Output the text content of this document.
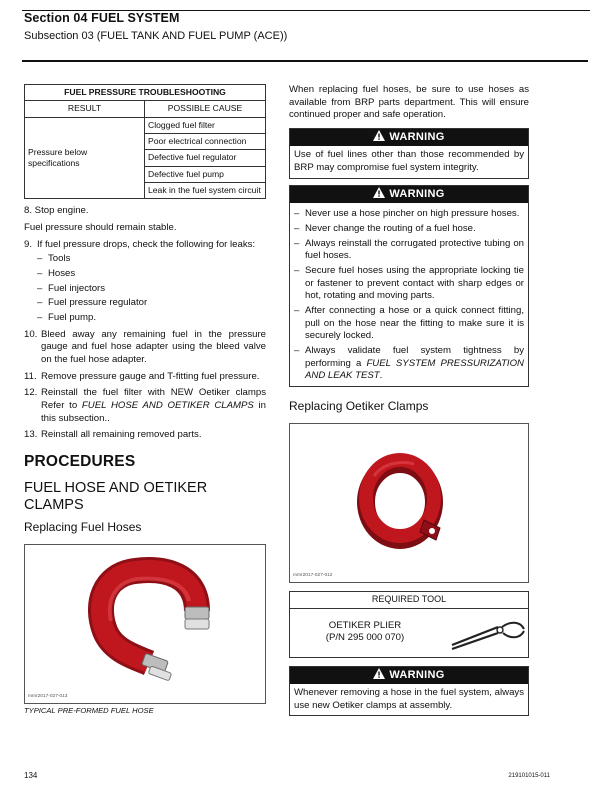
Section 04 FUEL SYSTEM
Subsection 03 (FUEL TANK AND FUEL PUMP (ACE))
FUEL PRESSURE TROUBLESHOOTING	
RESULT	POSSIBLE CAUSE
Pressure below specifications	Clogged fuel filter
	Poor electrical connection
	Defective fuel regulator
	Defective fuel pump
	Leak in the fuel system circuit
8. Stop engine.
Fuel pressure should remain stable.
9. If fuel pressure drops, check the following for leaks:
– Tools
– Hoses
– Fuel injectors
– Fuel pressure regulator
– Fuel pump.
10. Bleed away any remaining fuel in the pressure gauge and fuel hose adapter using the bleed valve on the fuel hose adapter.
11. Remove pressure gauge and T-fitting fuel pressure.
12. Reinstall the fuel filter with NEW Oetiker clamps Refer to FUEL HOSE AND OETIKER CLAMPS in this subsection..
13. Reinstall all remaining removed parts.
PROCEDURES
FUEL HOSE AND OETIKER CLAMPS
Replacing Fuel Hoses
mmr2017-027-013
TYPICAL PRE-FORMED FUEL HOSE
When replacing fuel hoses, be sure to use hoses as available from BRP parts department. This will ensure continued proper and safe operation.
WARNING
Use of fuel lines other than those recommended by BRP may compromise fuel system integrity.
WARNING
– Never use a hose pincher on high pressure hoses.
– Never change the routing of a fuel hose.
– Always reinstall the corrugated protective tubing on fuel hoses.
– Secure fuel hoses using the appropriate locking tie or fastener to prevent contact with sharp edges or hot, rotating and moving parts.
– After connecting a hose or a quick connect fitting, pull on the hose near the fitting to make sure it is securely locked.
– Always validate fuel system tightness by performing a FUEL SYSTEM PRESSURIZATION AND LEAK TEST.
Replacing Oetiker Clamps
mmr2017-027-012
REQUIRED TOOL
OETIKER PLIER
(P/N 295 000 070)
WARNING
Whenever removing a hose in the fuel system, always use new Oetiker clamps at assembly.
134	219101015-011
